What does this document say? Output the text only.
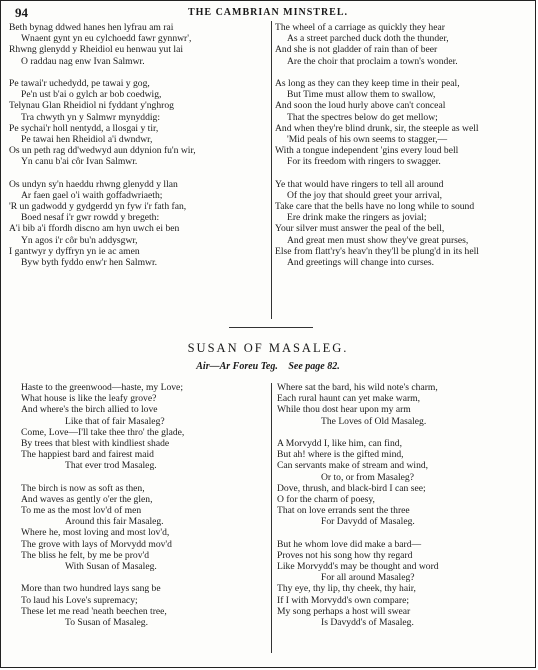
94	THE CAMBRIAN MINSTREL.
Beth bynag ddwed hanes hen lyfrau am rai
Wnaent gynt yn eu cylchoedd fawr gynnwr',
Rhwng glenydd y Rheidiol eu henwau yut lai
O raddau nag enw Ivan Salmwr.
Pe tawai'r uchedydd, pe tawai y gog,
Pe'n ust b'ai o gylch ar bob coedwig,
Telynau Glan Rheidiol ni fyddant y'nghrog
Tra chwyth yn y Salmwr mynyddig:
Pe sychai'r holl nentydd, a llosgai y tir,
Pe tawai hen Rheidiol a'i dwndwr,
Os un peth rag dd'wedwyd aun ddynion fu'n wir,
Yn canu b'ai côr Ivan Salmwr.
Os undyn sy'n haeddu rhwng glenydd y llan
Ar faen gael o'i waith goffadwriaeth;
'R un gadwodd y gydgerdd yn fyw i'r fath fan,
Boed nesaf i'r gwr rowdd y bregeth:
A'i bib a'i ffordh discno am hyn uwch ei ben
Yn agos i'r côr bu'n addysgwr,
I gantwyr y dyffryn yn ie ac amen
Byw byth fyddo enw'r hen Salmwr.
The wheel of a carriage as quickly they hear
As a street parched duck doth the thunder,
And she is not gladder of rain than of beer
Are the choir that proclaim a town's wonder.
As long as they can they keep time in their peal,
But Time must allow them to swallow,
And soon the loud hurly above can't conceal
That the spectres below do get mellow;
And when they're blind drunk, sir, the steeple as well
'Mid peals of his own seems to stagger,—
With a tongue independent 'gins every loud bell
For its freedom with ringers to swagger.
Ye that would have ringers to tell all around
Of the joy that should greet your arrival,
Take care that the bells have no long while to sound
Ere drink make the ringers as jovial;
Your silver must answer the peal of the bell,
And great men must show they've great purses,
Else from flatt'ry's heav'n they'll be plung'd in its hell
And greetings will change into curses.
SUSAN OF MASALEG.
Air—Ar Foreu Teg. See page 82.
Haste to the greenwood—haste, my Love;
What house is like the leafy grove?
And where's the birch allied to love
Like that of fair Masaleg?
Come, Love—I'll take thee thro' the glade,
By trees that blest with kindliest shade
The happiest bard and fairest maid
That ever trod Masaleg.
The birch is now as soft as then,
And waves as gently o'er the glen,
To me as the most lov'd of men
Around this fair Masaleg.
Where he, most loving and most lov'd,
The grove with lays of Morvydd mov'd
The bliss he felt, by me be prov'd
With Susan of Masaleg.
More than two hundred lays sang be
To laud his Love's supremacy;
These let me read 'neath beechen tree,
To Susan of Masaleg.
Where sat the bard, his wild note's charm,
Each rural haunt can yet make warm,
While thou dost hear upon my arm
The Loves of Old Masaleg.
A Morvydd I, like him, can find,
But ah! where is the gifted mind,
Can servants make of stream and wind,
Or to, or from Masaleg?
Dove, thrush, and black-bird I can see;
O for the charm of poesy,
That on love errands sent the three
For Davydd of Masaleg.
But he whom love did make a bard—
Proves not his song how thy regard
Like Morvydd's may be thought and word
For all around Masaleg?
Thy eye, thy lip, thy cheek, thy hair,
If I with Morvydd's own compare;
My song perhaps a host will swear
Is Davydd's of Masaleg.
